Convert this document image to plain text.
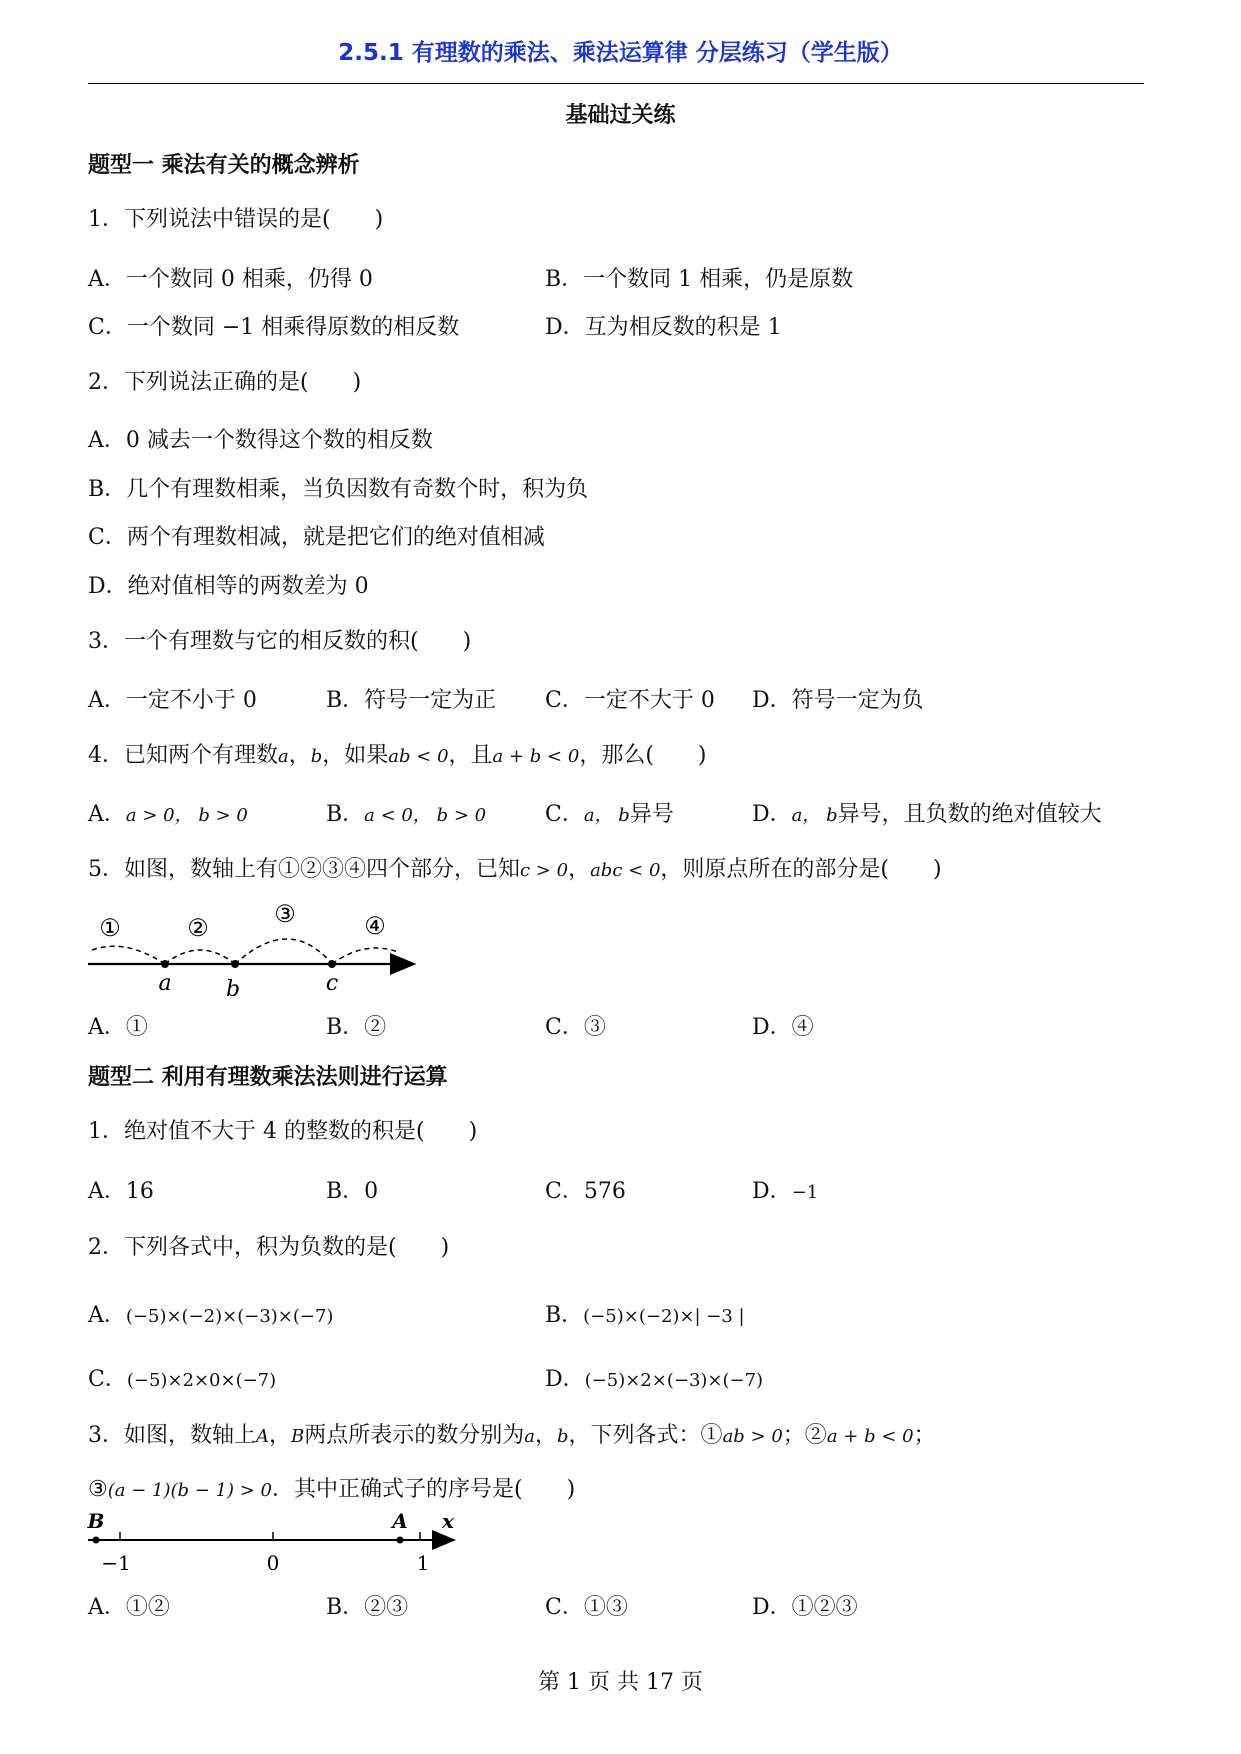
2.5.1 有理数的乘法、乘法运算律 分层练习（学生版）
基础过关练
题型一 乘法有关的概念辨析
1．下列说法中错误的是(　　)
A．一个数同 0 相乘，仍得 0	B．一个数同 1 相乘，仍是原数
C．一个数同 −1 相乘得原数的相反数	D．互为相反数的积是 1
2．下列说法正确的是(　　)
A．0 减去一个数得这个数的相反数
B．几个有理数相乘，当负因数有奇数个时，积为负
C．两个有理数相减，就是把它们的绝对值相减
D．绝对值相等的两数差为 0
3．一个有理数与它的相反数的积(　　)
A．一定不小于 0	B．符号一定为正 C．一定不大于 0 D．符号一定为负
4．已知两个有理数a，b，如果ab < 0，且a + b < 0，那么(　　)
A．a > 0， b > 0	B．a < 0， b > 0	C．a， b异号	D．a， b异号，且负数的绝对值较大
5．如图，数轴上有①②③④四个部分，已知c > 0，abc < 0，则原点所在的部分是(　　)
①	②	③	④
a b	c
A．①	B．②	C．③	D．④
题型二 利用有理数乘法法则进行运算
1．绝对值不大于 4 的整数的积是(　　)
A．16	B．0	C．576	D．−1
2．下列各式中，积为负数的是(　　)
A．(−5)×(−2)×(−3)×(−7)	B．(−5)×(−2)×| −3 |
C．(−5)×2×0×(−7)	D．(−5)×2×(−3)×(−7)
3．如图，数轴上A，B两点所表示的数分别为a，b，下列各式：①ab > 0；②a + b < 0；
③(a − 1)(b − 1) > 0．其中正确式子的序号是(　　)
B	A x
−1	0	1
A．①②	B．②③	C．①③	D．①②③
第 1 页 共 17 页
